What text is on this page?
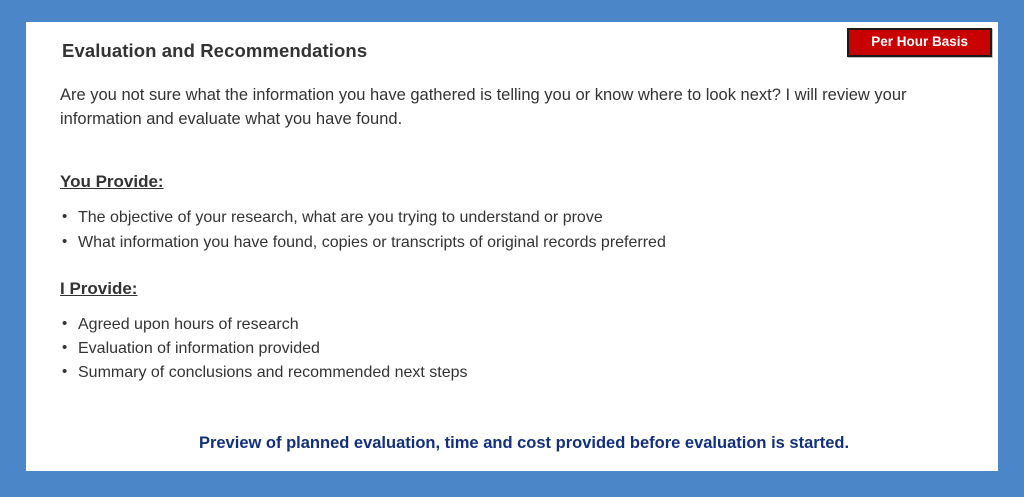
Evaluation and Recommendations	Per Hour Basis

Are you not sure what the information you have gathered is telling you or know where to look next? I will review your information and evaluate what you have found.

You Provide:
• The objective of your research, what are you trying to understand or prove
• What information you have found, copies or transcripts of original records preferred
I Provide:
• Agreed upon hours of research
• Evaluation of information provided
• Summary of conclusions and recommended next steps
Preview of planned evaluation, time and cost provided before evaluation is started.
